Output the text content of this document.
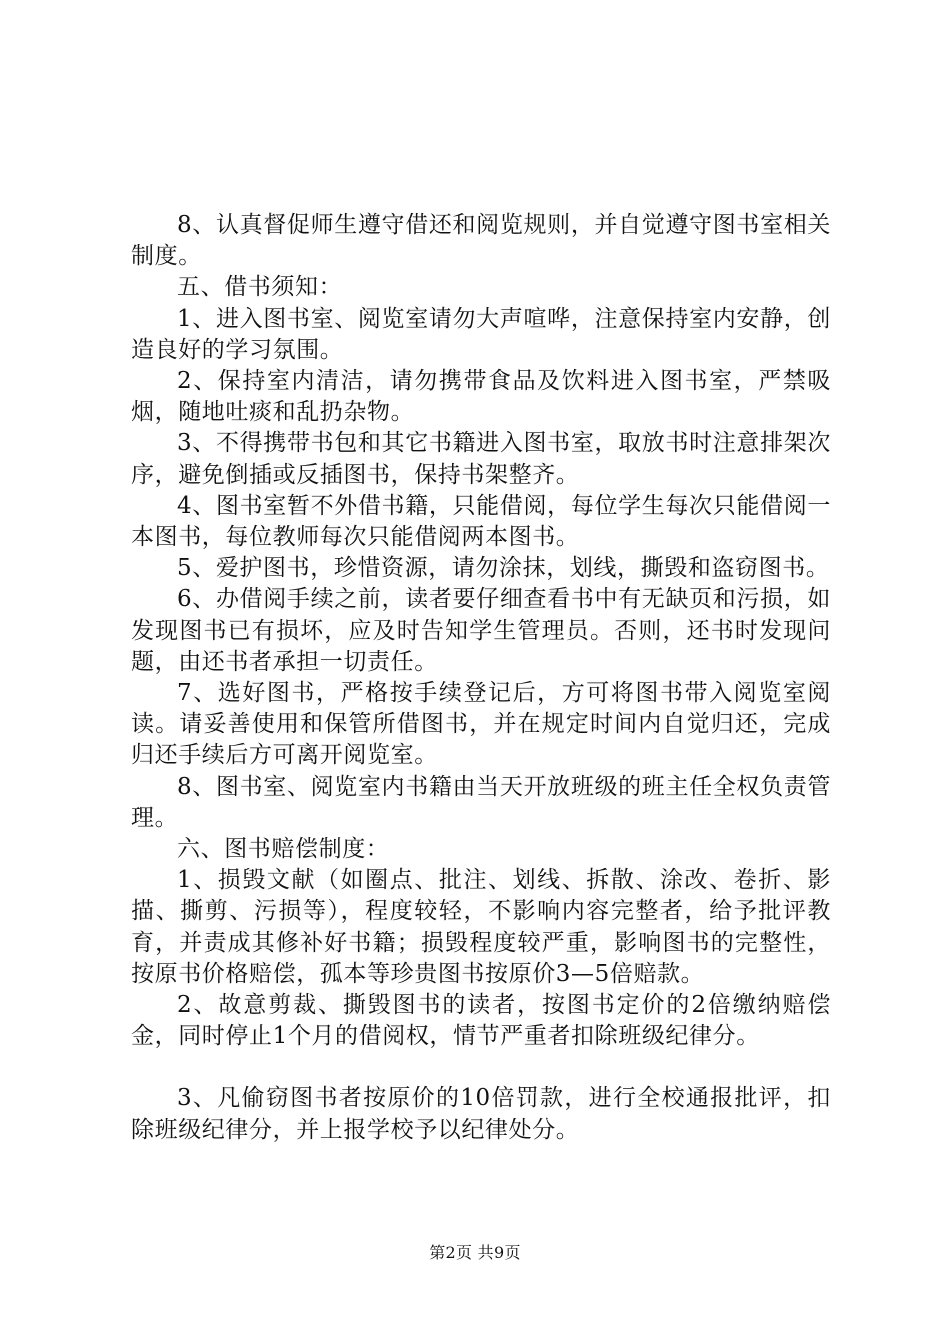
8、认真督促师生遵守借还和阅览规则，并自觉遵守图书室相关制度。

五、借书须知：

1、进入图书室、阅览室请勿大声喧哗，注意保持室内安静，创造良好的学习氛围。

2、保持室内清洁，请勿携带食品及饮料进入图书室，严禁吸烟，随地吐痰和乱扔杂物。

3、不得携带书包和其它书籍进入图书室，取放书时注意排架次序，避免倒插或反插图书，保持书架整齐。

4、图书室暂不外借书籍，只能借阅，每位学生每次只能借阅一本图书，每位教师每次只能借阅两本图书。

5、爱护图书，珍惜资源，请勿涂抹，划线，撕毁和盗窃图书。

6、办借阅手续之前，读者要仔细查看书中有无缺页和污损，如发现图书已有损坏，应及时告知学生管理员。否则，还书时发现问题，由还书者承担一切责任。

7、选好图书，严格按手续登记后，方可将图书带入阅览室阅读。请妥善使用和保管所借图书，并在规定时间内自觉归还，完成归还手续后方可离开阅览室。

8、图书室、阅览室内书籍由当天开放班级的班主任全权负责管理。

六、图书赔偿制度：

1、损毁文献（如圈点、批注、划线、拆散、涂改、卷折、影描、撕剪、污损等），程度较轻，不影响内容完整者，给予批评教育，并责成其修补好书籍；损毁程度较严重，影响图书的完整性，按原书价格赔偿，孤本等珍贵图书按原价3—5倍赔款。

2、故意剪裁、撕毁图书的读者，按图书定价的2倍缴纳赔偿金，同时停止1个月的借阅权，情节严重者扣除班级纪律分。

3、凡偷窃图书者按原价的10倍罚款，进行全校通报批评，扣除班级纪律分，并上报学校予以纪律处分。

第2页 共9页
